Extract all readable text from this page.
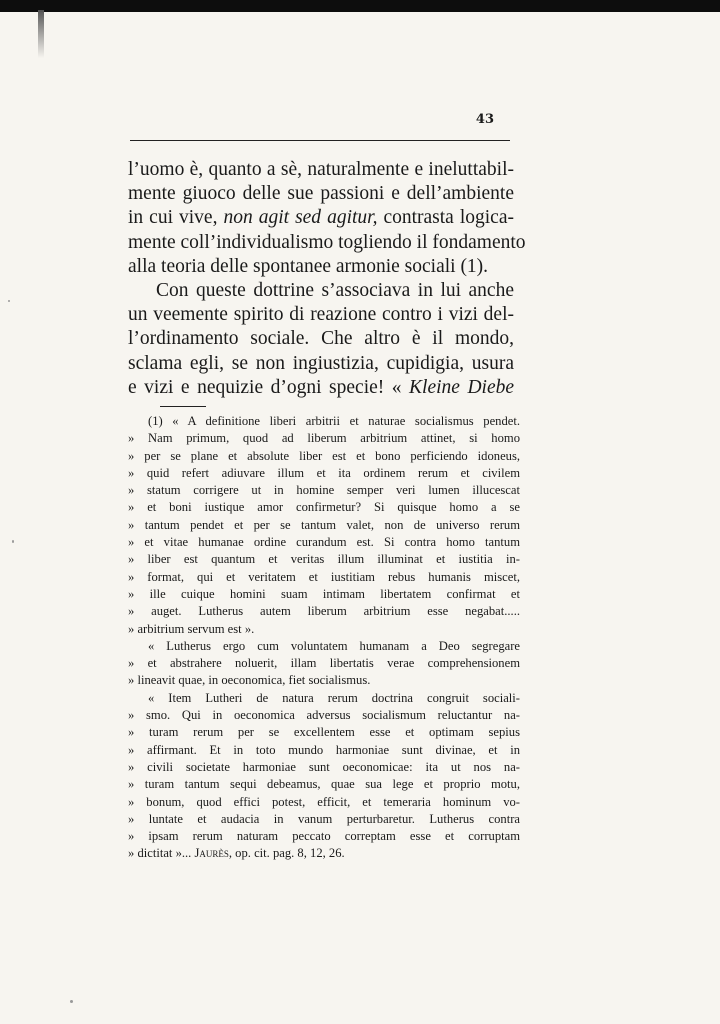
43
l’uomo è, quanto a sè, naturalmente e ineluttabil-
mente giuoco delle sue passioni e dell’ambiente
in cui vive, non agit sed agitur, contrasta logica-
mente coll’individualismo togliendo il fondamento
alla teoria delle spontanee armonie sociali (1).
Con queste dottrine s’associava in lui anche
un veemente spirito di reazione contro i vizi del-
l’ordinamento sociale. Che altro è il mondo,
sclama egli, se non ingiustizia, cupidigia, usura
e vizi e nequizie d’ogni specie! « Kleine Diebe
(1) « A definitione liberi arbitrii et naturae socialismus pendet.
» Nam primum, quod ad liberum arbitrium attinet, si homo
» per se plane et absolute liber est et bono perficiendo idoneus,
» quid refert adiuvare illum et ita ordinem rerum et civilem
» statum corrigere ut in homine semper veri lumen illucescat
» et boni iustique amor confirmetur? Si quisque homo a se
» tantum pendet et per se tantum valet, non de universo rerum
» et vitae humanae ordine curandum est. Si contra homo tantum
» liber est quantum et veritas illum illuminat et iustitia in-
» format, qui et veritatem et iustitiam rebus humanis miscet,
» ille cuique homini suam intimam libertatem confirmat et
» auget. Lutherus autem liberum arbitrium esse negabat.....
» arbitrium servum est ».
« Lutherus ergo cum voluntatem humanam a Deo segregare
» et abstrahere noluerit, illam libertatis verae comprehensionem
» lineavit quae, in oeconomica, fiet socialismus.
« Item Lutheri de natura rerum doctrina congruit sociali-
» smo. Qui in oeconomica adversus socialismum reluctantur na-
» turam rerum per se excellentem esse et optimam sepius
» affirmant. Et in toto mundo harmoniae sunt divinae, et in
» civili societate harmoniae sunt oeconomicae: ita ut nos na-
» turam tantum sequi debeamus, quae sua lege et proprio motu,
» bonum, quod effici potest, efficit, et temeraria hominum vo-
» luntate et audacia in vanum perturbaretur. Lutherus contra
» ipsam rerum naturam peccato correptam esse et corruptam
» dictitat »... Jaurès, op. cit. pag. 8, 12, 26.
